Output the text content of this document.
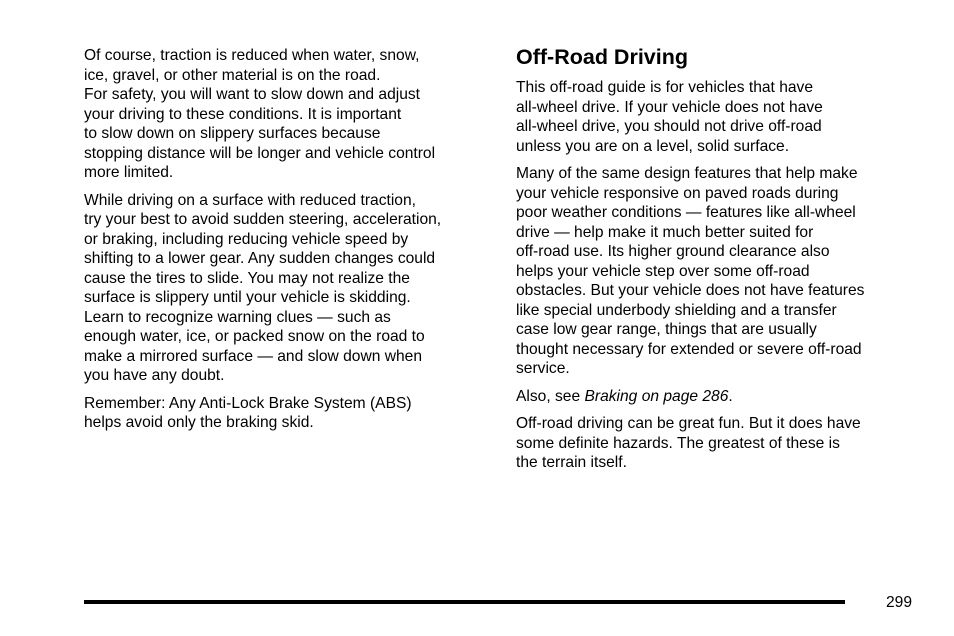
Of course, traction is reduced when water, snow,
ice, gravel, or other material is on the road.
For safety, you will want to slow down and adjust
your driving to these conditions. It is important
to slow down on slippery surfaces because
stopping distance will be longer and vehicle control
more limited.

While driving on a surface with reduced traction,
try your best to avoid sudden steering, acceleration,
or braking, including reducing vehicle speed by
shifting to a lower gear. Any sudden changes could
cause the tires to slide. You may not realize the
surface is slippery until your vehicle is skidding.
Learn to recognize warning clues — such as
enough water, ice, or packed snow on the road to
make a mirrored surface — and slow down when
you have any doubt.

Remember: Any Anti-Lock Brake System (ABS)
helps avoid only the braking skid.

Off-Road Driving

This off-road guide is for vehicles that have
all-wheel drive. If your vehicle does not have
all-wheel drive, you should not drive off-road
unless you are on a level, solid surface.

Many of the same design features that help make
your vehicle responsive on paved roads during
poor weather conditions — features like all-wheel
drive — help make it much better suited for
off-road use. Its higher ground clearance also
helps your vehicle step over some off-road
obstacles. But your vehicle does not have features
like special underbody shielding and a transfer
case low gear range, things that are usually
thought necessary for extended or severe off-road
service.

Also, see Braking on page 286.

Off-road driving can be great fun. But it does have
some definite hazards. The greatest of these is
the terrain itself.

299
